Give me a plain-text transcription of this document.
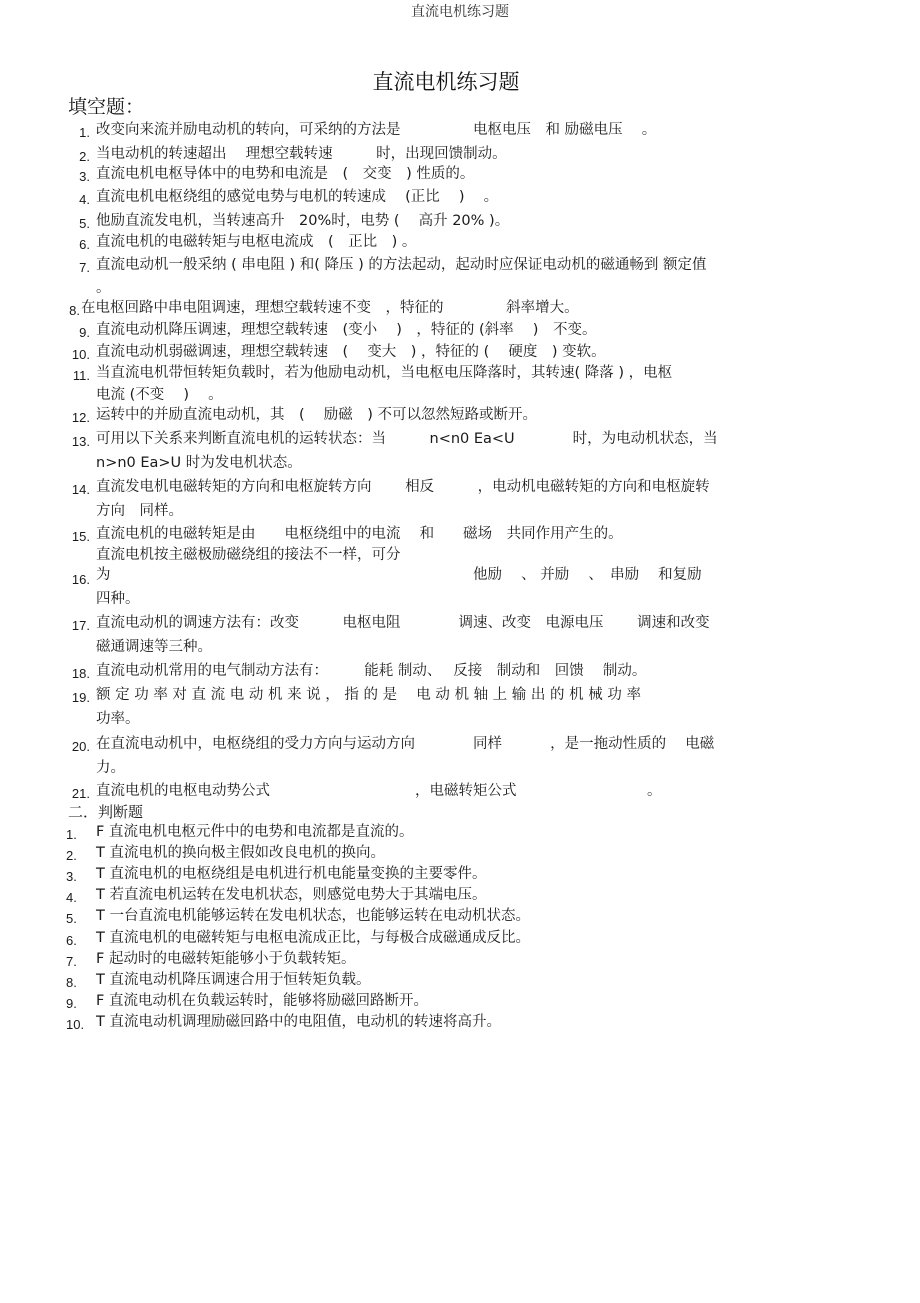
直流电机练习题
直流电机练习题
填空题：
1. 改变向来流并励电动机的转向，可采纳的方法是　　　　　电枢电压　和 励磁电压　 。
2. 当电动机的转速超出　 理想空载转速　　　时，出现回馈制动。
3. 直流电机电枢导体中的电势和电流是　(　交变　) 性质的。
4. 直流电机电枢绕组的感觉电势与电机的转速成　 (正比　 )　 。
5. 他励直流发电机，当转速高升　20%时，电势 (　 高升 20% )。
6. 直流电机的电磁转矩与电枢电流成　(　正比　) 。
7. 直流电动机一般采纳 ( 串电阻 ) 和( 降压 ) 的方法起动，起动时应保证电动机的磁通畅到 额定值
。
8. 在电枢回路中串电阻调速，理想空载转速不变　，特征的　　　　 斜率增大。
9. 直流电动机降压调速，理想空载转速　(变小　 )　，特征的 (斜率　 )　不变。
10. 直流电动机弱磁调速，理想空载转速　(　 变大　) ，特征的 (　 硬度　) 变软。
11. 当直流电机带恒转矩负载时，若为他励电动机，当电枢电压降落时，其转速( 降落 ) ，电枢
电流 (不变　 )　 。
12. 运转中的并励直流电动机，其　(　 励磁　) 不可以忽然短路或断开。
13. 可用以下关系来判断直流电机的运转状态：当　　　n<n0 Ea<U　　　　时，为电动机状态，当
n>n0 Ea>U 时为发电机状态。
14. 直流发电机电磁转矩的方向和电枢旋转方向　　 相反　　　，电动机电磁转矩的方向和电枢旋转
方向　同样。
15. 直流电机的电磁转矩是由　　电枢绕组中的电流　 和　　磁场　共同作用产生的。
直流电机按主磁极励磁绕组的接法不一样，可分
16. 为　　　　　　　　　　　　　　　　　　　　　　　　　他励　 、 并励　 、　串励　 和复励
四种。
17. 直流电动机的调速方法有：改变　　　电枢电阻　　　　调速、改变　电源电压　　 调速和改变
磁通调速等三种。
18. 直流电动机常用的电气制动方法有：　　　能耗 制动、　 反接　制动和　回馈　 制动。
19. 额 定 功 率 对 直 流 电 动 机 来 说 ， 指 的 是　 电 动 机 轴 上 输 出 的 机 械 功 率
功率。
20. 在直流电动机中，电枢绕组的受力方向与运动方向　　　　同样　　　 ，是一拖动性质的　 电磁
力。
21. 直流电机的电枢电动势公式　　　　　　　　　　，电磁转矩公式　　　　　　　　　。
二．判断题
1.	F 直流电机电枢元件中的电势和电流都是直流的。
2.	T 直流电机的换向极主假如改良电机的换向。
3.	T 直流电机的电枢绕组是电机进行机电能量变换的主要零件。
4.	T 若直流电机运转在发电机状态，则感觉电势大于其端电压。
5.	T 一台直流电机能够运转在发电机状态，也能够运转在电动机状态。
6.	T 直流电机的电磁转矩与电枢电流成正比，与每极合成磁通成反比。
7.	F 起动时的电磁转矩能够小于负载转矩。
8.	T 直流电动机降压调速合用于恒转矩负载。
9.	F 直流电动机在负载运转时，能够将励磁回路断开。
10. T 直流电动机调理励磁回路中的电阻值，电动机的转速将高升。
